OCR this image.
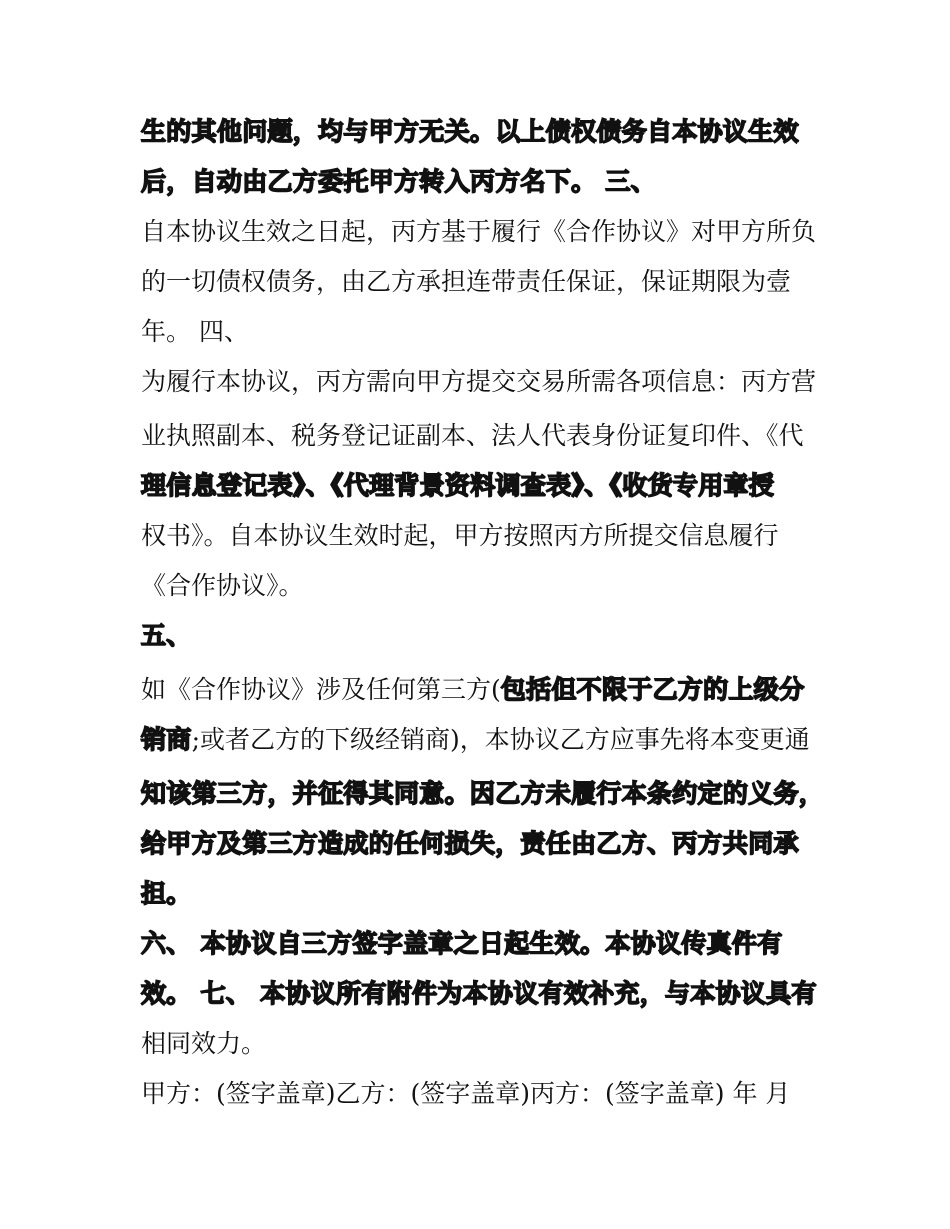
生的其他问题，均与甲方无关。以上债权债务自本协议生效
后，自动由乙方委托甲方转入丙方名下。 三、
自本协议生效之日起，丙方基于履行《合作协议》对甲方所负
的一切债权债务，由乙方承担连带责任保证，保证期限为壹
年。 四、
为履行本协议，丙方需向甲方提交交易所需各项信息：丙方营
业执照副本、税务登记证副本、法人代表身份证复印件、《代
理信息登记表》、《代理背景资料调查表》、《收货专用章授
权书》。自本协议生效时起，甲方按照丙方所提交信息履行
《合作协议》。
五、
如《合作协议》涉及任何第三方(包括但不限于乙方的上级分
销商;或者乙方的下级经销商)，本协议乙方应事先将本变更通
知该第三方，并征得其同意。因乙方未履行本条约定的义务，
给甲方及第三方造成的任何损失，责任由乙方、丙方共同承
担。
六、 本协议自三方签字盖章之日起生效。本协议传真件有
效。 七、 本协议所有附件为本协议有效补充，与本协议具有
相同效力。
甲方：(签字盖章)乙方：(签字盖章)丙方：(签字盖章) 年 月
